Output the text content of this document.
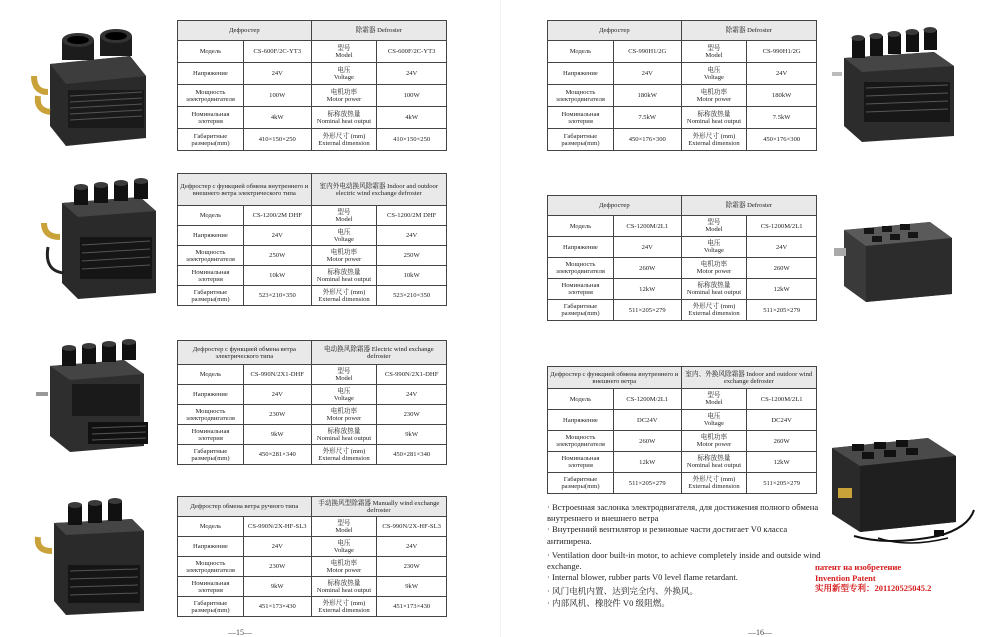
Дефростер		除霜器 Defroster	
Модель	CS-600F/2C-YT3	型号
Model	CS-600F/2C-YT3
Напряжение	24V	电压
Voltage	24V
Мощность электродвигателя	100W	电机功率
Motor power	100W
Номинальная элотерия	4kW	标称放热量
Nominal heat output	4kW
Габаритные размеры(mm)	410×150×250	外形尺寸 (mm)
External dimension	410×150×250
Дефростер с функцией обмена внутреннего и внешнего ветра электрического типа		室内外电动换风除霜器 Indoor and outdoor electric wind exchange defroster	
Модель	CS-1200/2M DHF	型号
Model	CS-1200/2M DHF
Напряжение	24V	电压
Voltage	24V
Мощность электродвигателя	250W	电机功率
Motor power	250W
Номинальная элотерия	10kW	标称放热量
Nominal heat output	10kW
Габаритные размеры(mm)	523×210×350	外形尺寸 (mm)
External dimension	523×210×350
Дефростер с функцией обмена ветра электрического типа		电动换风除霜器 Electric wind exchange defroster	
Модель	CS-990N/2X1-DHF	型号
Model	CS-990N/2X1-DHF
Напряжение	24V	电压
Voltage	24V
Мощность электродвигателя	230W	电机功率
Motor power	230W
Номинальная элотерия	9kW	标称放热量
Nominal heat output	9kW
Габаритные размеры(mm)	450×281×340	外形尺寸 (mm)
External dimension	450×281×340
Дефростер обмена ветра ручного типа		手动换风型除霜器 Manually wind exchange defroster	
Модель	CS-990N/2X-HF-SL3	型号
Model	CS-990N/2X-HF-SL3
Напряжение	24V	电压
Voltage	24V
Мощность электродвигателя	230W	电机功率
Motor power	230W
Номинальная элотерия	9kW	标称放热量
Nominal heat output	9kW
Габаритные размеры(mm)	451×173×430	外形尺寸 (mm)
External dimension	451×173×430
Дефростер		除霜器 Defroster	
Модель	CS-990H1/2G	型号
Model	CS-990H1/2G
Напряжение	24V	电压
Voltage	24V
Мощность электродвигателя	180kW	电机功率
Motor power	180kW
Номинальная элотерия	7.5kW	标称放热量
Nominal heat output	7.5kW
Габаритные размеры(mm)	450×176×300	外形尺寸 (mm)
External dimension	450×176×300
Дефростер		除霜器 Defroster	
Модель	CS-1200M/2L1	型号
Model	CS-1200M/2L1
Напряжение	24V	电压
Voltage	24V
Мощность электродвигателя	260W	电机功率
Motor power	260W
Номинальная элотерия	12kW	标称放热量
Nominal heat output	12kW
Габаритные размеры(mm)	511×205×279	外形尺寸 (mm)
External dimension	511×205×279
Дефростер с функцией обмена внутреннего и внешнего ветра		室内、外换风除霜器 Indoor and outdoor wind exchange defroster	
Модель	CS-1200M/2L1	型号
Model	CS-1200M/2L1
Напряжение	DC24V	电压
Voltage	DC24V
Мощность электродвигателя	260W	电机功率
Motor power	260W
Номинальная элотерия	12kW	标称放热量
Nominal heat output	12kW
Габаритные размеры(mm)	511×205×279	外形尺寸 (mm)
External dimension	511×205×279
· Встроенная заслонка электродвигателя, для достижения полного обмена внутреннего и внешнего ветра
· Внутренний вентилятор и резиновые части достигает V0 класса антипирена.
· Ventilation door built-in motor, to achieve completely inside and outside wind exchange.
· Internal blower, rubber parts V0 level flame retardant.
· 风门电机内置、达到完全内、外换风。
· 内部风机、橡胶件 V0 级阻燃。
патент на изобретение
Invention Patent
实用新型专利：201120525045.2
—15—	—16—
